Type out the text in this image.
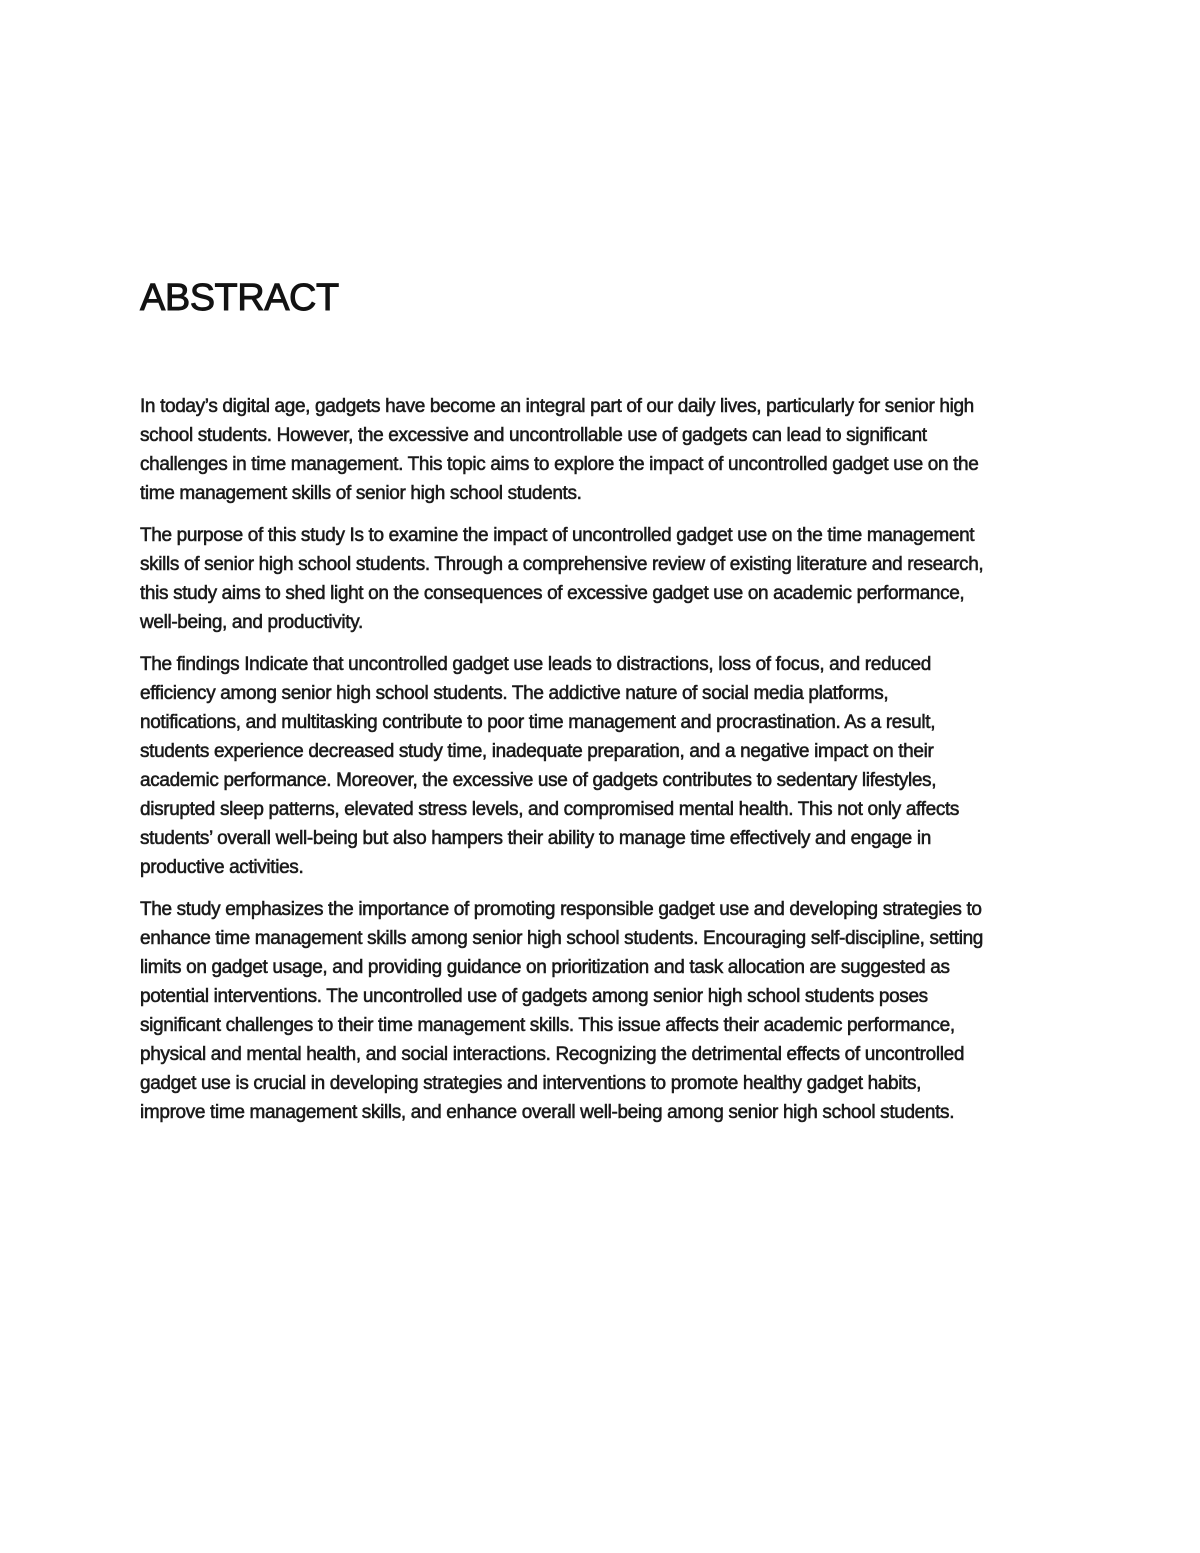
ABSTRACT

In today’s digital age, gadgets have become an integral part of our daily lives, particularly for senior high
school students. However, the excessive and uncontrollable use of gadgets can lead to significant
challenges in time management. This topic aims to explore the impact of uncontrolled gadget use on the
time management skills of senior high school students.

The purpose of this study Is to examine the impact of uncontrolled gadget use on the time management
skills of senior high school students. Through a comprehensive review of existing literature and research,
this study aims to shed light on the consequences of excessive gadget use on academic performance,
well-being, and productivity.

The findings Indicate that uncontrolled gadget use leads to distractions, loss of focus, and reduced
efficiency among senior high school students. The addictive nature of social media platforms,
notifications, and multitasking contribute to poor time management and procrastination. As a result,
students experience decreased study time, inadequate preparation, and a negative impact on their
academic performance. Moreover, the excessive use of gadgets contributes to sedentary lifestyles,
disrupted sleep patterns, elevated stress levels, and compromised mental health. This not only affects
students’ overall well-being but also hampers their ability to manage time effectively and engage in
productive activities.

The study emphasizes the importance of promoting responsible gadget use and developing strategies to
enhance time management skills among senior high school students. Encouraging self-discipline, setting
limits on gadget usage, and providing guidance on prioritization and task allocation are suggested as
potential interventions. The uncontrolled use of gadgets among senior high school students poses
significant challenges to their time management skills. This issue affects their academic performance,
physical and mental health, and social interactions. Recognizing the detrimental effects of uncontrolled
gadget use is crucial in developing strategies and interventions to promote healthy gadget habits,
improve time management skills, and enhance overall well-being among senior high school students.
